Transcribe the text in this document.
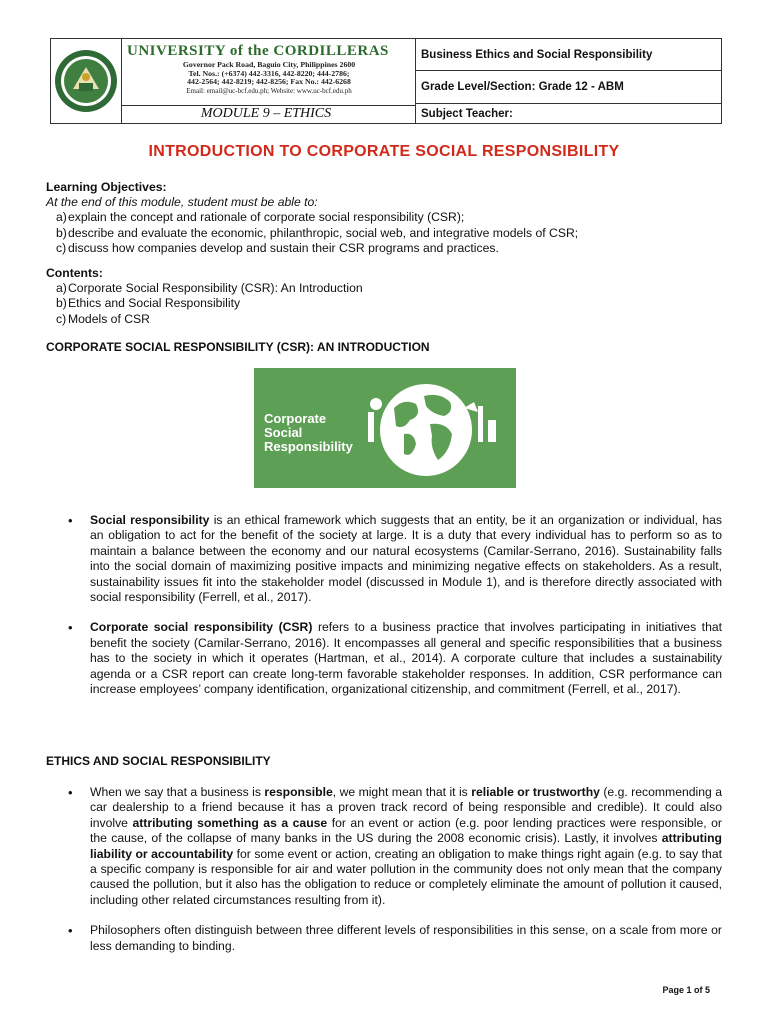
UNIVERSITY of the CORDILLERAS
Governor Pack Road, Baguio City, Philippines 2600
Tel. Nos.: (+6374) 442-3316, 442-8220; 444-2786;
442-2564; 442-8219; 442-8256; Fax No.: 442-6268
Email: email@uc-bcf.edu.ph; Website: www.uc-bcf.edu.ph
MODULE 9 – ETHICS
Business Ethics and Social Responsibility
Grade Level/Section: Grade 12 - ABM
Subject Teacher:
INTRODUCTION TO CORPORATE SOCIAL RESPONSIBILITY
Learning Objectives:
At the end of this module, student must be able to:
a) explain the concept and rationale of corporate social responsibility (CSR);
b) describe and evaluate the economic, philanthropic, social web, and integrative models of CSR;
c) discuss how companies develop and sustain their CSR programs and practices.
Contents:
a) Corporate Social Responsibility (CSR): An Introduction
b) Ethics and Social Responsibility
c) Models of CSR
CORPORATE SOCIAL RESPONSIBILITY (CSR): AN INTRODUCTION
Corporate
Social
Responsibility
• Social responsibility is an ethical framework which suggests that an entity, be it an organization or individual, has an obligation to act for the benefit of the society at large. It is a duty that every individual has to perform so as to maintain a balance between the economy and our natural ecosystems (Camilar-Serrano, 2016). Sustainability falls into the social domain of maximizing positive impacts and minimizing negative effects on stakeholders. As a result, sustainability issues fit into the stakeholder model (discussed in Module 1), and is therefore directly associated with social responsibility (Ferrell, et al., 2017).
• Corporate social responsibility (CSR) refers to a business practice that involves participating in initiatives that benefit the society (Camilar-Serrano, 2016). It encompasses all general and specific responsibilities that a business has to the society in which it operates (Hartman, et al., 2014). A corporate culture that includes a sustainability agenda or a CSR report can create long-term favorable stakeholder responses. In addition, CSR performance can increase employees’ company identification, organizational citizenship, and commitment (Ferrell, et al., 2017).
ETHICS AND SOCIAL RESPONSIBILITY
• When we say that a business is responsible, we might mean that it is reliable or trustworthy (e.g. recommending a car dealership to a friend because it has a proven track record of being responsible and credible). It could also involve attributing something as a cause for an event or action (e.g. poor lending practices were responsible, or the cause, of the collapse of many banks in the US during the 2008 economic crisis). Lastly, it involves attributing liability or accountability for some event or action, creating an obligation to make things right again (e.g. to say that a specific company is responsible for air and water pollution in the community does not only mean that the company caused the pollution, but it also has the obligation to reduce or completely eliminate the amount of pollution it caused, including other related circumstances resulting from it).
• Philosophers often distinguish between three different levels of responsibilities in this sense, on a scale from more or less demanding to binding.
Page 1 of 5
